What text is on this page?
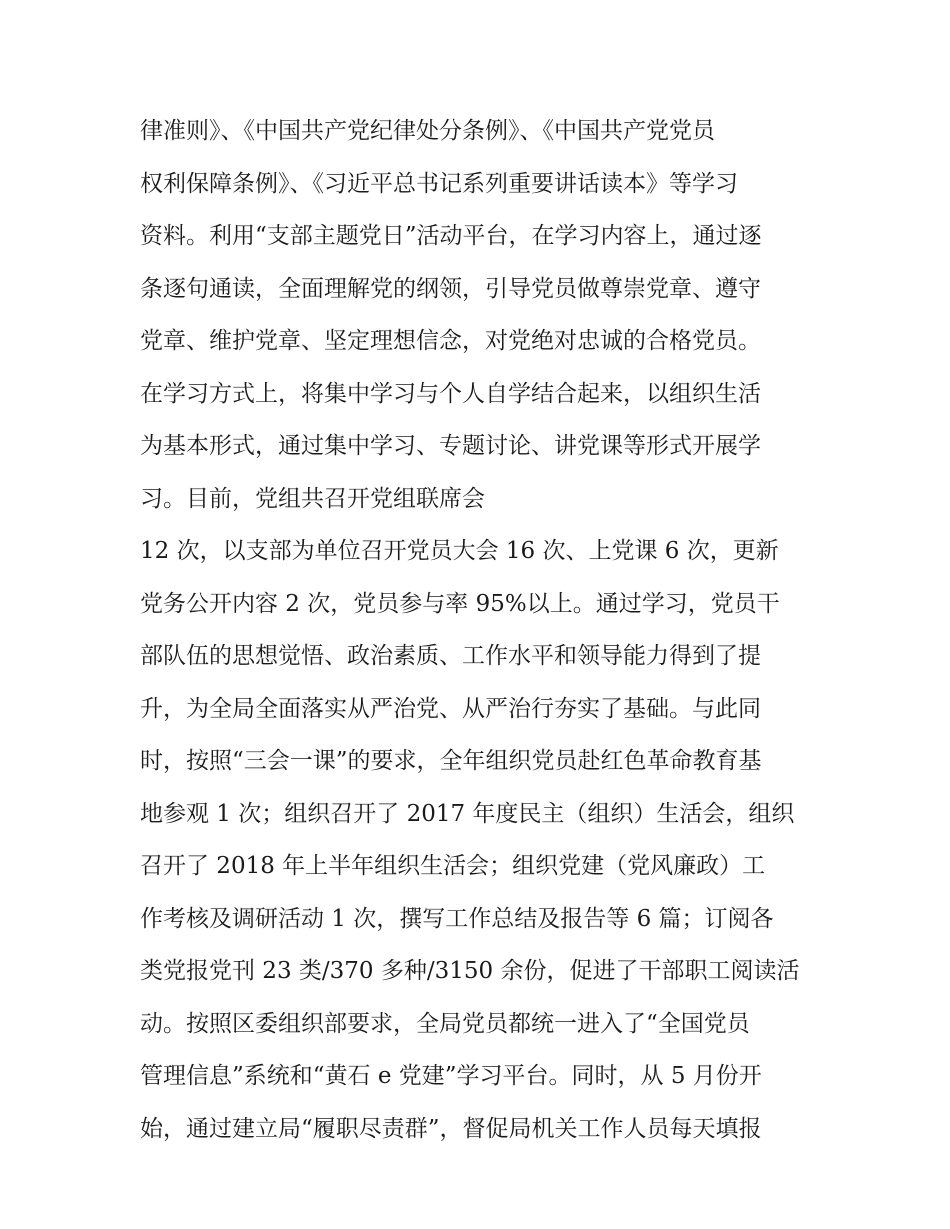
律准则》、《中国共产党纪律处分条例》、《中国共产党党员
权利保障条例》、《习近平总书记系列重要讲话读本》等学习
资料。利用“支部主题党日”活动平台，在学习内容上，通过逐
条逐句通读，全面理解党的纲领，引导党员做尊崇党章、遵守
党章、维护党章、坚定理想信念，对党绝对忠诚的合格党员。
在学习方式上，将集中学习与个人自学结合起来，以组织生活
为基本形式，通过集中学习、专题讨论、讲党课等形式开展学
习。目前，党组共召开党组联席会
12 次，以支部为单位召开党员大会 16 次、上党课 6 次，更新
党务公开内容 2 次，党员参与率 95%以上。通过学习，党员干
部队伍的思想觉悟、政治素质、工作水平和领导能力得到了提
升，为全局全面落实从严治党、从严治行夯实了基础。与此同
时，按照“三会一课”的要求，全年组织党员赴红色革命教育基
地参观 1 次；组织召开了 2017 年度民主（组织）生活会，组织
召开了 2018 年上半年组织生活会；组织党建（党风廉政）工
作考核及调研活动 1 次，撰写工作总结及报告等 6 篇；订阅各
类党报党刊 23 类/370 多种/3150 余份，促进了干部职工阅读活
动。按照区委组织部要求，全局党员都统一进入了“全国党员
管理信息”系统和“黄石 e 党建”学习平台。同时，从 5 月份开
始，通过建立局“履职尽责群”，督促局机关工作人员每天填报
